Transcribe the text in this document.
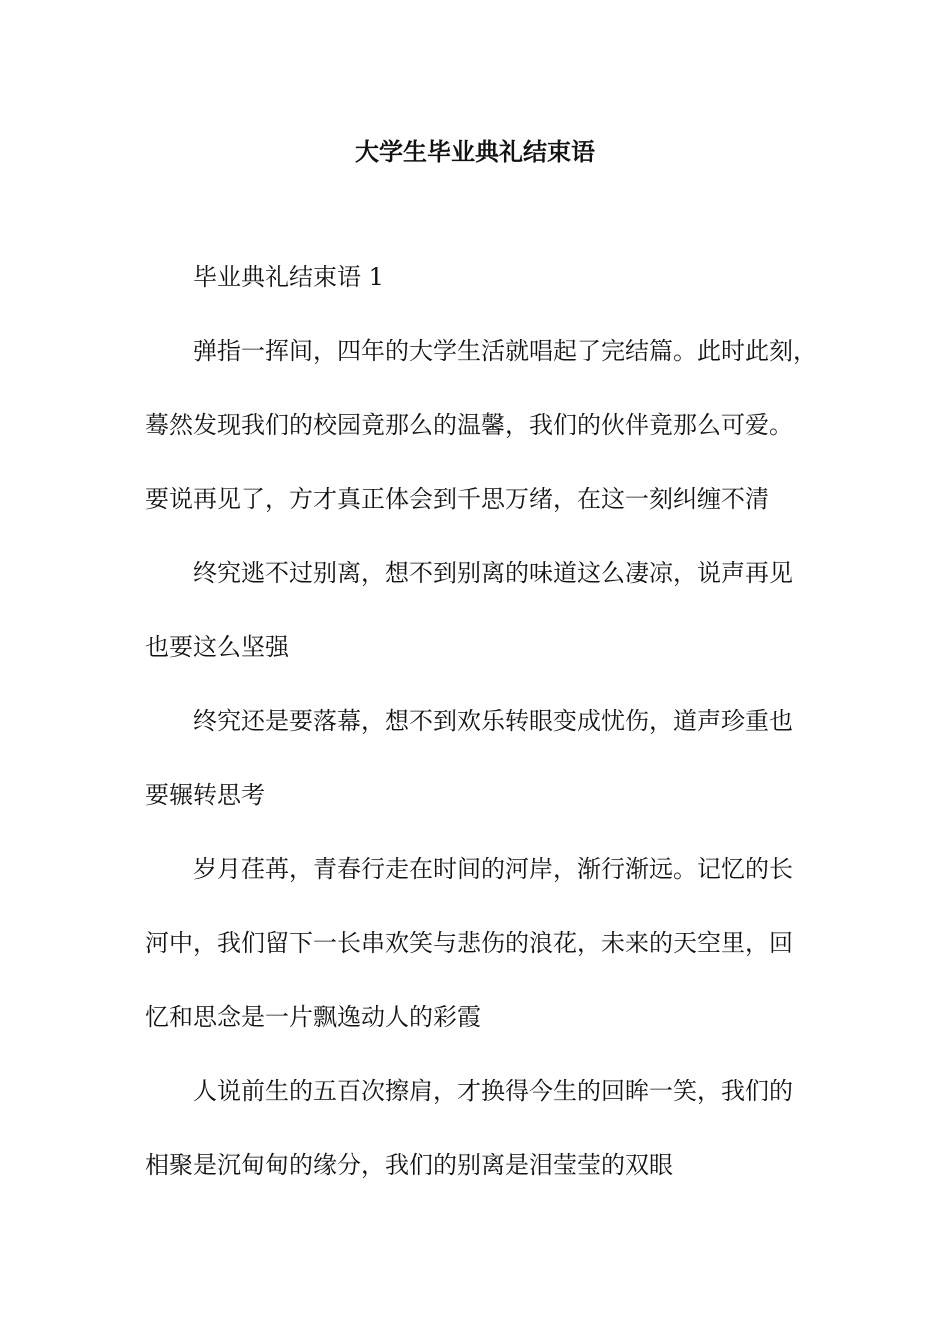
大学生毕业典礼结束语

毕业典礼结束语 1

弹指一挥间，四年的大学生活就唱起了完结篇。此时此刻，
蓦然发现我们的校园竟那么的温馨，我们的伙伴竟那么可爱。
要说再见了，方才真正体会到千思万绪，在这一刻纠缠不清
终究逃不过别离，想不到别离的味道这么凄凉，说声再见
也要这么坚强
终究还是要落幕，想不到欢乐转眼变成忧伤，道声珍重也
要辗转思考
岁月荏苒，青春行走在时间的河岸，渐行渐远。记忆的长
河中，我们留下一长串欢笑与悲伤的浪花，未来的天空里，回
忆和思念是一片飘逸动人的彩霞
人说前生的五百次擦肩，才换得今生的回眸一笑，我们的
相聚是沉甸甸的缘分，我们的别离是泪莹莹的双眼
